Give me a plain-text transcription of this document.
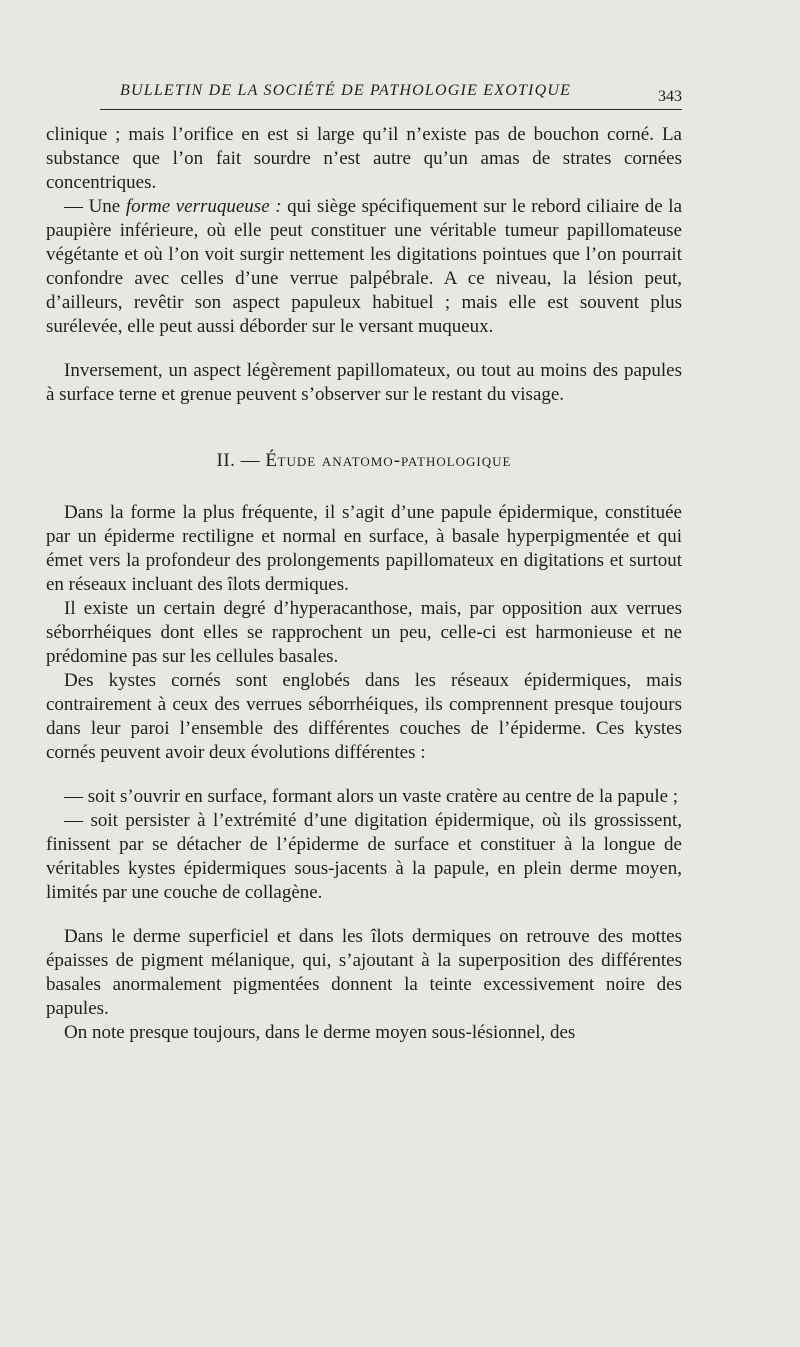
BULLETIN DE LA SOCIÉTÉ DE PATHOLOGIE EXOTIQUE	343

clinique ; mais l’orifice en est si large qu’il n’existe pas de bouchon corné. La substance que l’on fait sourdre n’est autre qu’un amas de strates cornées concentriques.

— Une forme verruqueuse : qui siège spécifiquement sur le rebord ciliaire de la paupière inférieure, où elle peut constituer une véritable tumeur papillomateuse végétante et où l’on voit surgir nettement les digitations pointues que l’on pourrait confondre avec celles d’une verrue palpébrale. A ce niveau, la lésion peut, d’ailleurs, revêtir son aspect papuleux habituel ; mais elle est souvent plus surélevée, elle peut aussi déborder sur le versant muqueux.

Inversement, un aspect légèrement papillomateux, ou tout au moins des papules à surface terne et grenue peuvent s’observer sur le restant du visage.

II. — Étude anatomo-pathologique

Dans la forme la plus fréquente, il s’agit d’une papule épidermique, constituée par un épiderme rectiligne et normal en surface, à basale hyperpigmentée et qui émet vers la profondeur des prolongements papillomateux en digitations et surtout en réseaux incluant des îlots dermiques.

Il existe un certain degré d’hyperacanthose, mais, par opposition aux verrues séborrhéiques dont elles se rapprochent un peu, celle-ci est harmonieuse et ne prédomine pas sur les cellules basales.

Des kystes cornés sont englobés dans les réseaux épidermiques, mais contrairement à ceux des verrues séborrhéiques, ils comprennent presque toujours dans leur paroi l’ensemble des différentes couches de l’épiderme. Ces kystes cornés peuvent avoir deux évolutions différentes :

— soit s’ouvrir en surface, formant alors un vaste cratère au centre de la papule ;

— soit persister à l’extrémité d’une digitation épidermique, où ils grossissent, finissent par se détacher de l’épiderme de surface et constituer à la longue de véritables kystes épidermiques sous-jacents à la papule, en plein derme moyen, limités par une couche de collagène.

Dans le derme superficiel et dans les îlots dermiques on retrouve des mottes épaisses de pigment mélanique, qui, s’ajoutant à la superposition des différentes basales anormalement pigmentées donnent la teinte excessivement noire des papules.

On note presque toujours, dans le derme moyen sous-lésionnel, des
